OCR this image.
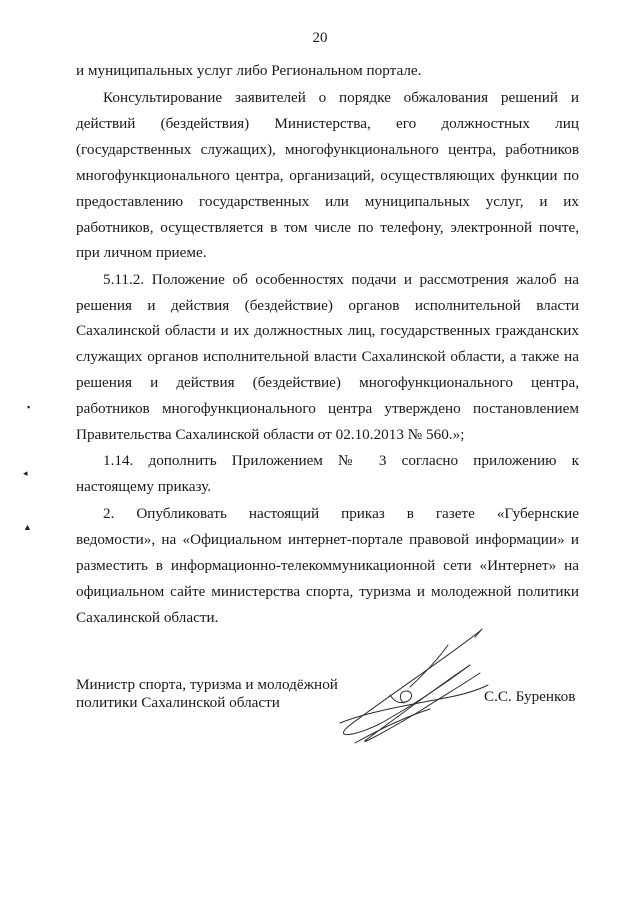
20
и муниципальных услуг либо Региональном портале.
Консультирование заявителей о порядке обжалования решений и
действий (бездействия) Министерства, его должностных лиц
(государственных служащих), многофункционального центра, работников
многофункционального центра, организаций, осуществляющих функции по
предоставлению государственных или муниципальных услуг, и их
работников, осуществляется в том числе по телефону, электронной почте,
при личном приеме.
5.11.2. Положение об особенностях подачи и рассмотрения жалоб на
решения и действия (бездействие) органов исполнительной власти
Сахалинской области и их должностных лиц, государственных гражданских
служащих органов исполнительной власти Сахалинской области, а также на
решения и действия (бездействие) многофункционального центра,
работников многофункционального центра утверждено постановлением
Правительства Сахалинской области от 02.10.2013 № 560.»;
1.14. дополнить Приложением № 3 согласно приложению к
настоящему приказу.
2. Опубликовать настоящий приказ в газете «Губернские
ведомости», на «Официальном интернет-портале правовой информации» и
разместить в информационно-телекоммуникационной сети «Интернет» на
официальном сайте министерства спорта, туризма и молодежной политики
Сахалинской области.
▪
◂
▲
Министр спорта, туризма и молодёжной
политики Сахалинской области	С.С. Буренков
